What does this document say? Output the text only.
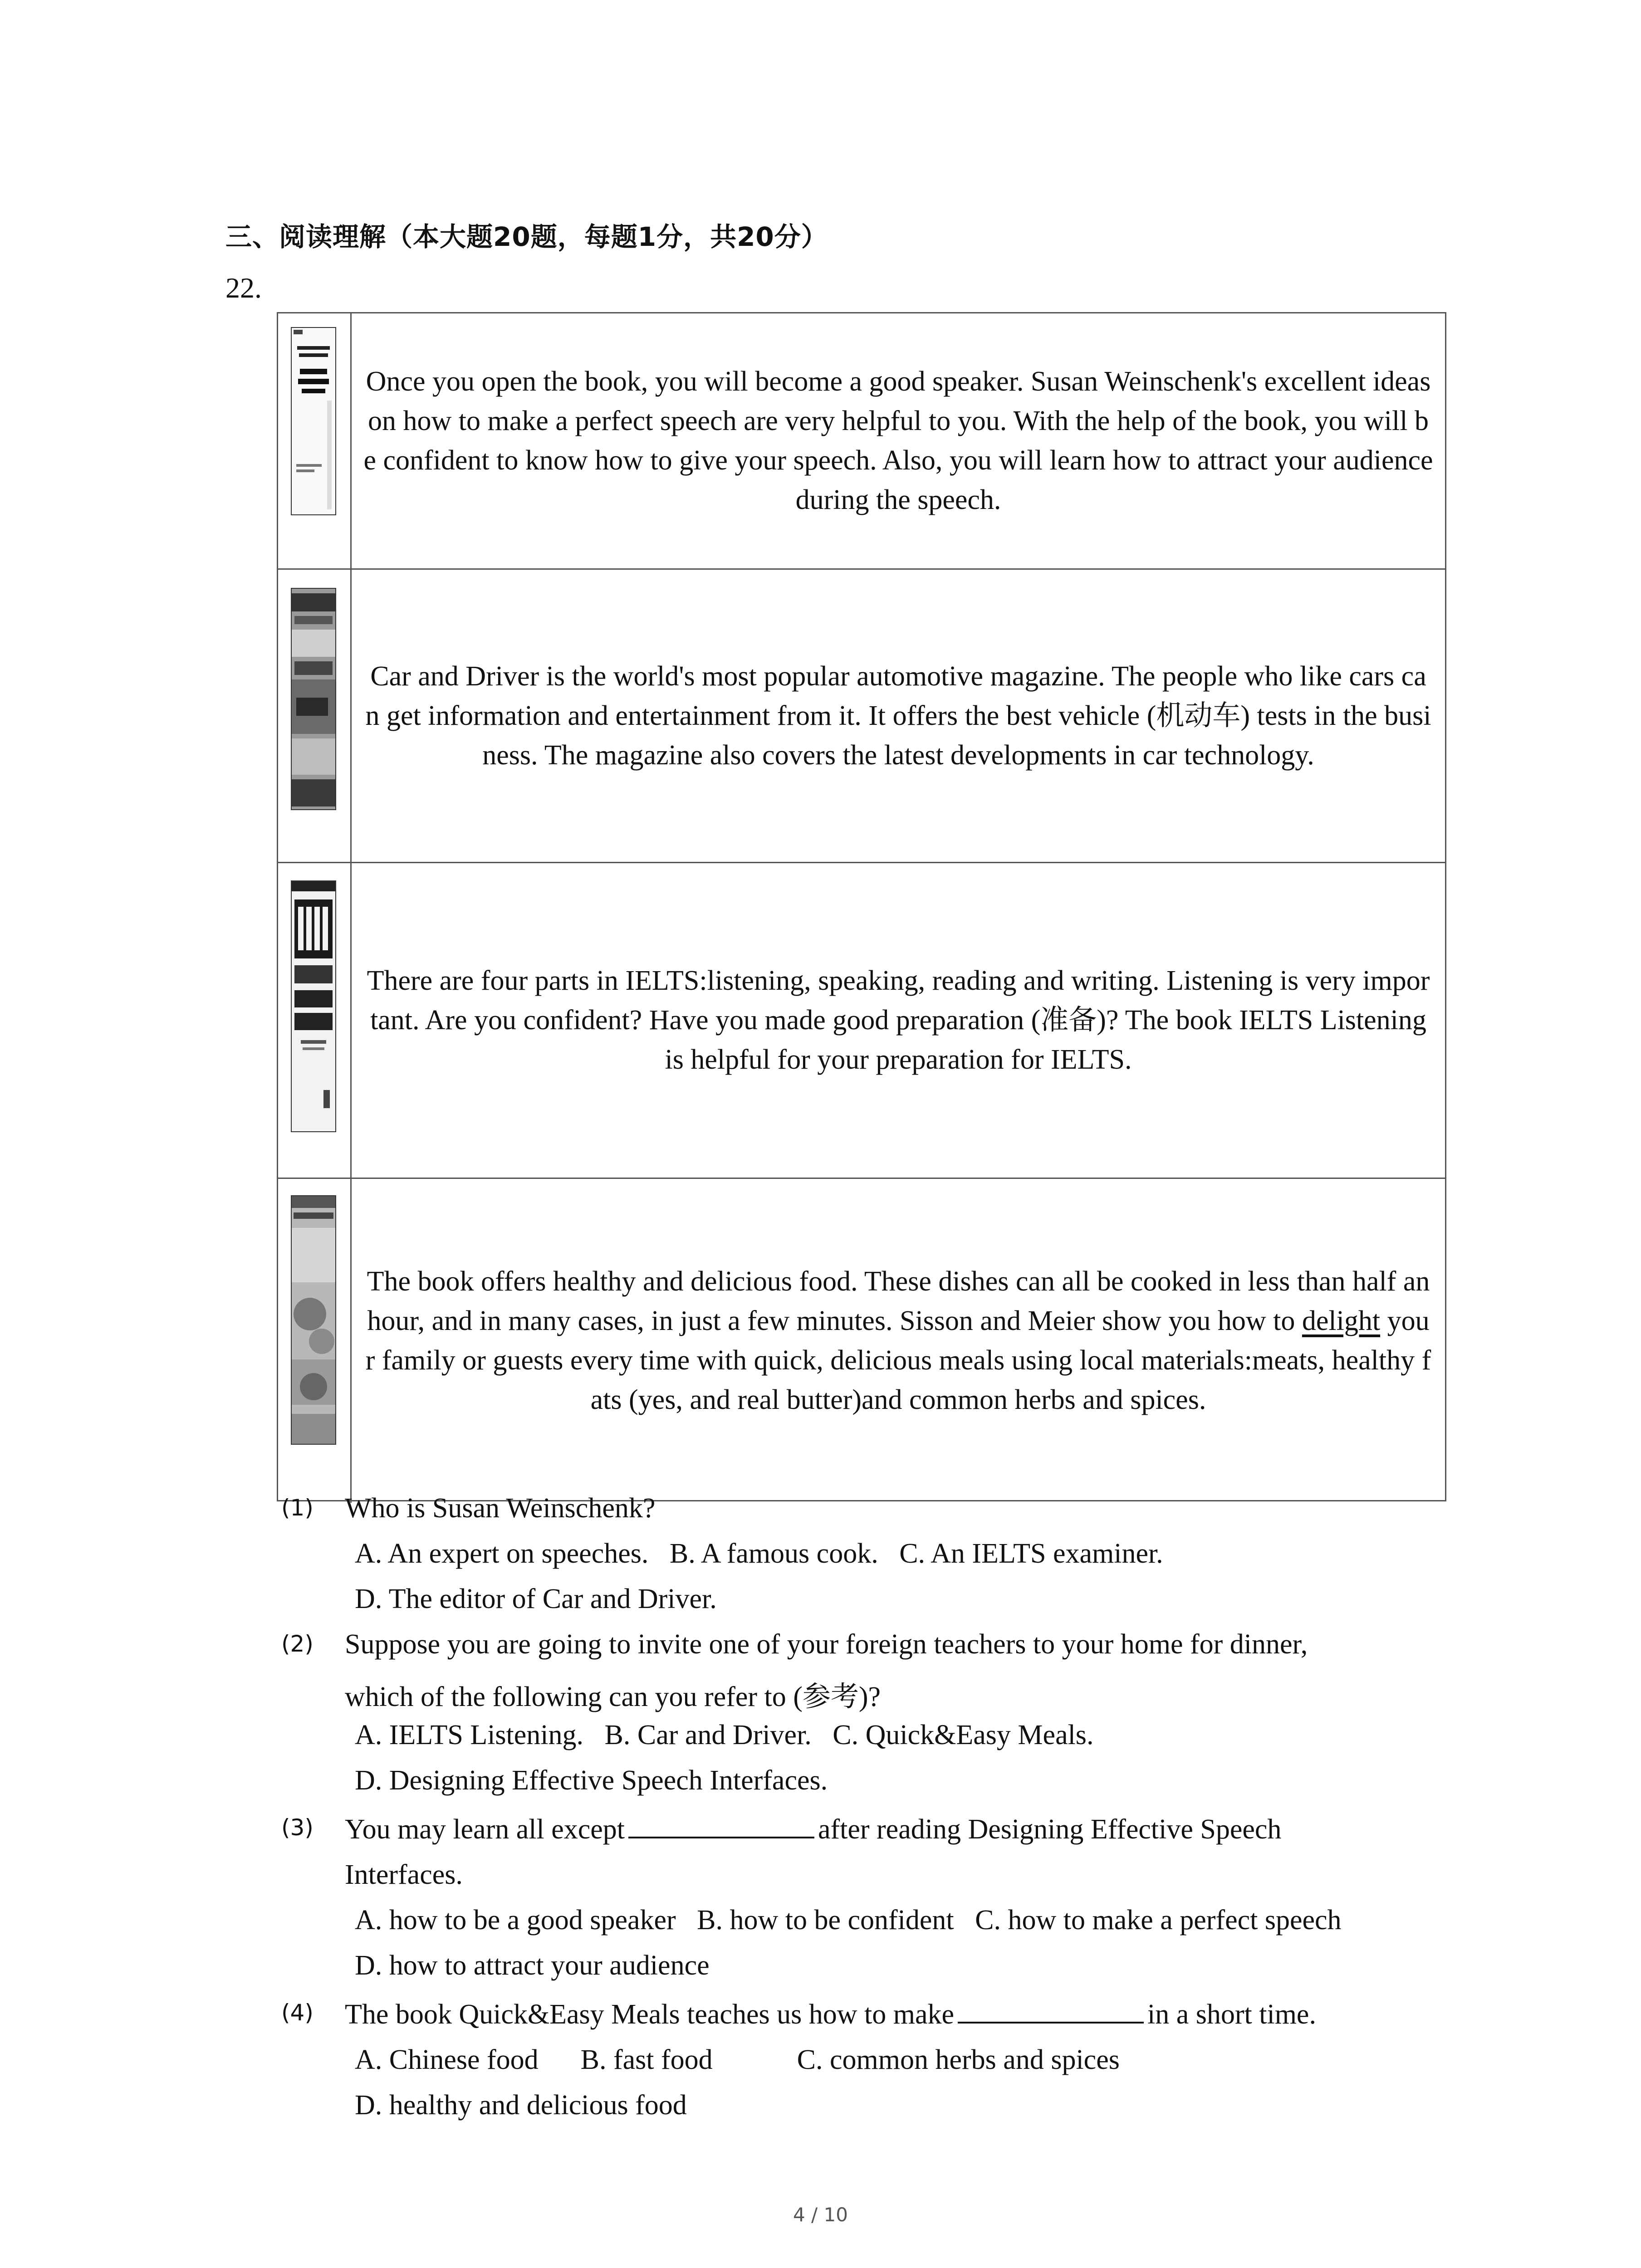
三、阅读理解（本大题20题，每题1分，共20分）
22.

Once you open the book, you will become a good speaker. Susan Weinschenk's excellent ideas on how to make a perfect speech are very helpful to you. With the help of the book, you will be confident to know how to give your speech. Also, you will learn how to attract your audience during the speech.

Car and Driver is the world's most popular automotive magazine. The people who like cars can get information and entertainment from it. It offers the best vehicle (机动车) tests in the business. The magazine also covers the latest developments in car technology.

There are four parts in IELTS:listening, speaking, reading and writing. Listening is very important. Are you confident? Have you made good preparation (准备)? The book IELTS Listening is helpful for your preparation for IELTS.

The book offers healthy and delicious food. These dishes can all be cooked in less than half an hour, and in many cases, in just a few minutes. Sisson and Meier show you how to delight your family or guests every time with quick, delicious meals using local materials:meats, healthy fats (yes, and real butter)and common herbs and spices.

(1) Who is Susan Weinschenk?
A. An expert on speeches.   B. A famous cook.   C. An IELTS examiner.
D. The editor of Car and Driver.
(2) Suppose you are going to invite one of your foreign teachers to your home for dinner,
which of the following can you refer to (参考)?
A. IELTS Listening.   B. Car and Driver.   C. Quick&Easy Meals.
D. Designing Effective Speech Interfaces.
(3) You may learn all except	after reading Designing Effective Speech
Interfaces.
A. how to be a good speaker   B. how to be confident   C. how to make a perfect speech
D. how to attract your audience
(4) The book Quick&Easy Meals teaches us how to make	in a short time.
A. Chinese food      B. fast food            C. common herbs and spices
D. healthy and delicious food
4 / 10
